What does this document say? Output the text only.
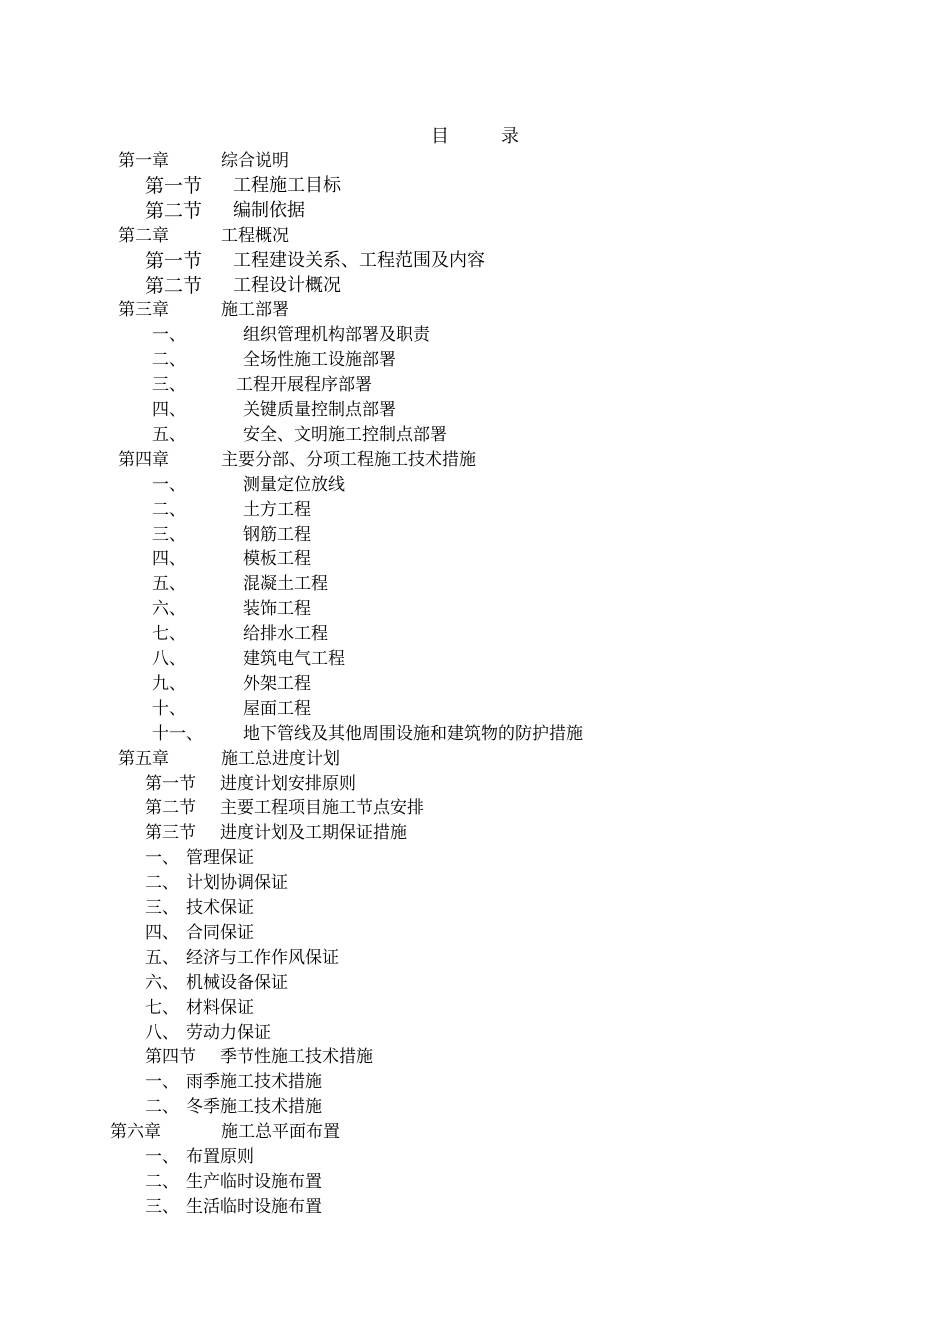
目	录
第一章	综合说明
第一节 工程施工目标
第二节 编制依据
第二章	工程概况
第一节 工程建设关系、工程范围及内容
第二节 工程设计概况
第三章	施工部署
一、	组织管理机构部署及职责
二、	全场性施工设施部署
三、	工程开展程序部署
四、	关键质量控制点部署
五、	安全、文明施工控制点部署
第四章	主要分部、分项工程施工技术措施
一、	测量定位放线
二、	土方工程
三、	钢筋工程
四、	模板工程
五、	混凝土工程
六、	装饰工程
七、	给排水工程
八、	建筑电气工程
九、	外架工程
十、	屋面工程
十一、 地下管线及其他周围设施和建筑物的防护措施
第五章	施工总进度计划
第一节 进度计划安排原则
第二节 主要工程项目施工节点安排
第三节 进度计划及工期保证措施
一、 管理保证
二、 计划协调保证
三、 技术保证
四、 合同保证
五、 经济与工作作风保证
六、 机械设备保证
七、 材料保证
八、 劳动力保证
第四节 季节性施工技术措施
一、 雨季施工技术措施
二、 冬季施工技术措施
第六章	施工总平面布置
一、 布置原则
二、 生产临时设施布置
三、 生活临时设施布置
